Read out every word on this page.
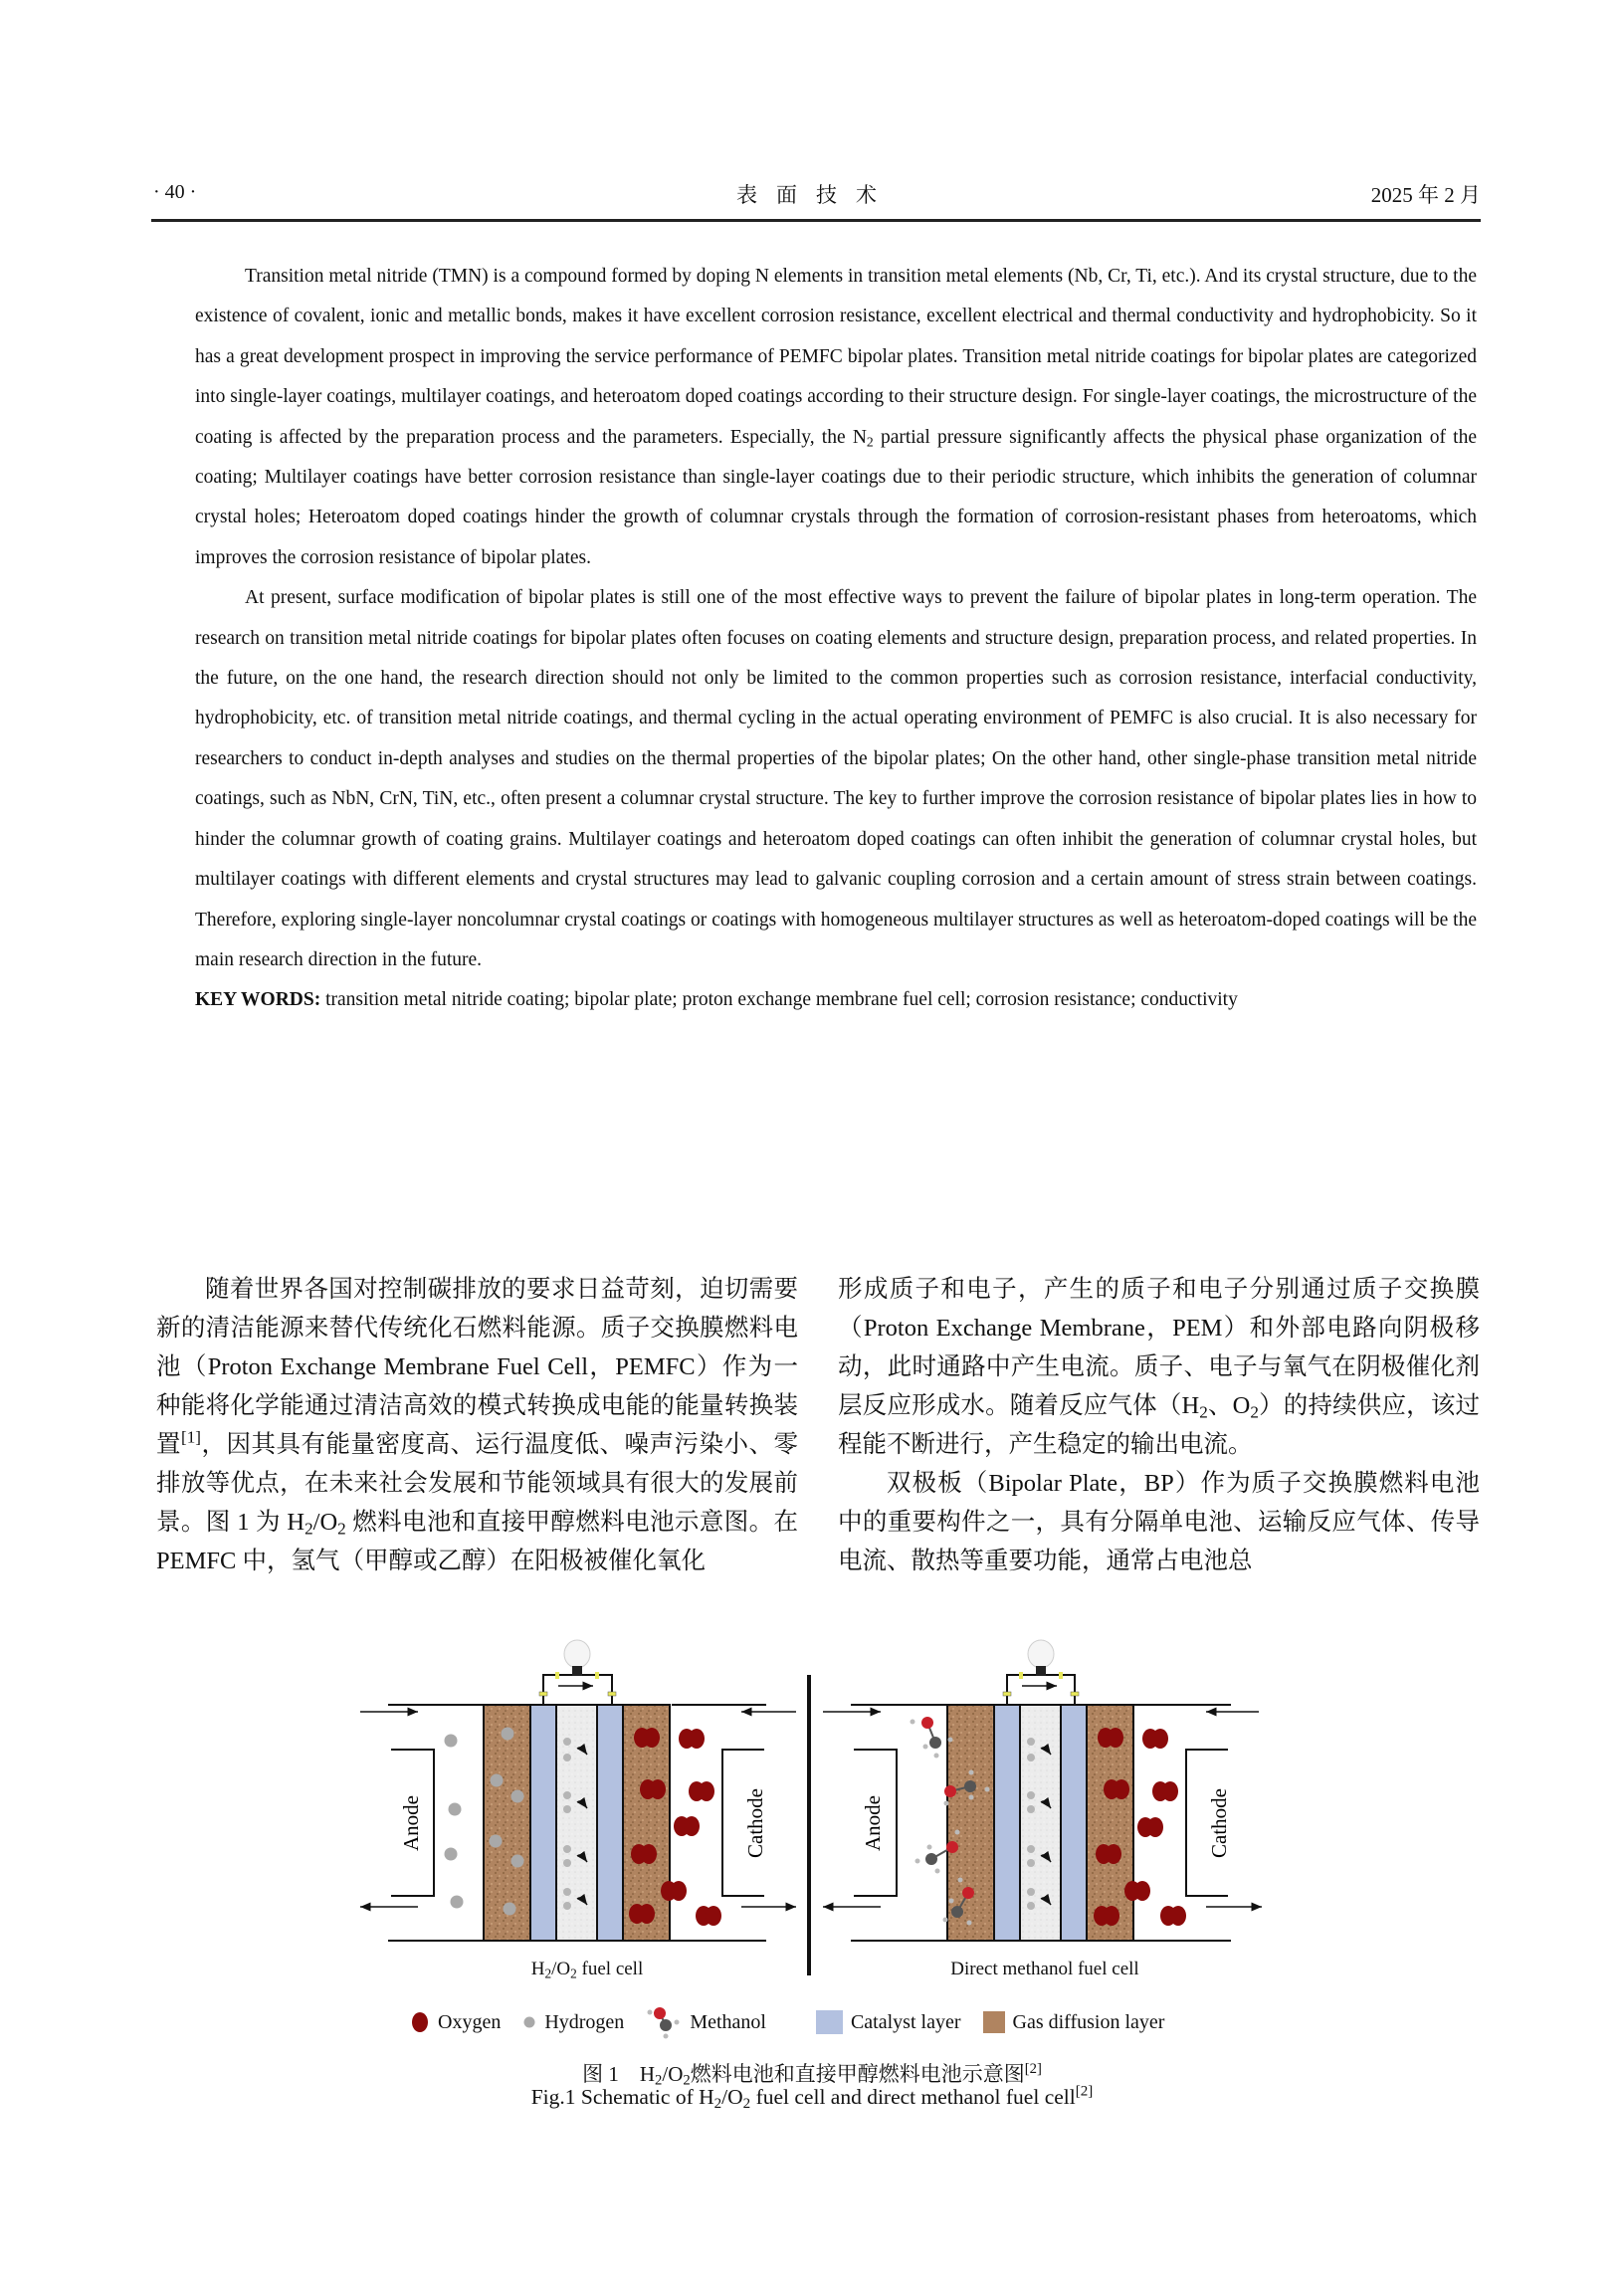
· 40 ·	表面技术	2025 年 2 月

Transition metal nitride (TMN) is a compound formed by doping N elements in transition metal elements (Nb, Cr, Ti, etc.). And its crystal structure, due to the existence of covalent, ionic and metallic bonds, makes it have excellent corrosion resistance, excellent electrical and thermal conductivity and hydrophobicity. So it has a great development prospect in improving the service performance of PEMFC bipolar plates. Transition metal nitride coatings for bipolar plates are categorized into single-layer coatings, multilayer coatings, and heteroatom doped coatings according to their structure design. For single-layer coatings, the microstructure of the coating is affected by the preparation process and the parameters. Especially, the $N_2$ partial pressure significantly affects the physical phase organization of the coating; Multilayer coatings have better corrosion resistance than single-layer coatings due to their periodic structure, which inhibits the generation of columnar crystal holes; Heteroatom doped coatings hinder the growth of columnar crystals through the formation of corrosion-resistant phases from heteroatoms, which improves the corrosion resistance of bipolar plates.

At present, surface modification of bipolar plates is still one of the most effective ways to prevent the failure of bipolar plates in long-term operation. The research on transition metal nitride coatings for bipolar plates often focuses on coating elements and structure design, preparation process, and related properties. In the future, on the one hand, the research direction should not only be limited to the common properties such as corrosion resistance, interfacial conductivity, hydrophobicity, etc. of transition metal nitride coatings, and thermal cycling in the actual operating environment of PEMFC is also crucial. It is also necessary for researchers to conduct in-depth analyses and studies on the thermal properties of the bipolar plates; On the other hand, other single-phase transition metal nitride coatings, such as NbN, CrN, TiN, etc., often present a columnar crystal structure. The key to further improve the corrosion resistance of bipolar plates lies in how to hinder the columnar growth of coating grains. Multilayer coatings and heteroatom doped coatings can often inhibit the generation of columnar crystal holes, but multilayer coatings with different elements and crystal structures may lead to galvanic coupling corrosion and a certain amount of stress strain between coatings. Therefore, exploring single-layer noncolumnar crystal coatings or coatings with homogeneous multilayer structures as well as heteroatom-doped coatings will be the main research direction in the future.

KEY WORDS: transition metal nitride coating; bipolar plate; proton exchange membrane fuel cell; corrosion resistance; conductivity

随着世界各国对控制碳排放的要求日益苛刻，迫切需要新的清洁能源来替代传统化石燃料能源。质子交换膜燃料电池（Proton Exchange Membrane Fuel Cell，PEMFC）作为一种能将化学能通过清洁高效的模式转换成电能的能量转换装置[1]，因其具有能量密度高、运行温度低、噪声污染小、零排放等优点，在未来社会发展和节能领域具有很大的发展前景。图 1 为 $H_2/O_2$ 燃料电池和直接甲醇燃料电池示意图。在 PEMFC 中，氢气（甲醇或乙醇）在阳极被催化氧化

形成质子和电子，产生的质子和电子分别通过质子交换膜（Proton Exchange Membrane，PEM）和外部电路向阴极移动，此时通路中产生电流。质子、电子与氧气在阴极催化剂层反应形成水。随着反应气体（$H_2$、$O_2$）的持续供应，该过程能不断进行，产生稳定的输出电流。

双极板（Bipolar Plate，BP）作为质子交换膜燃料电池中的重要构件之一，具有分隔单电池、运输反应气体、传导电流、散热等重要功能，通常占电池总

Anode	Cathode	Anode	Cathode
$H_2/O_2$ fuel cell	Direct methanol fuel cell
Oxygen Hydrogen	Methanol	Catalyst layer	Gas diffusion layer
图 1　$H_2/O_2$燃料电池和直接甲醇燃料电池示意图[2]
Fig.1 Schematic of $H_2/O_2$ fuel cell and direct methanol fuel cell[2]
